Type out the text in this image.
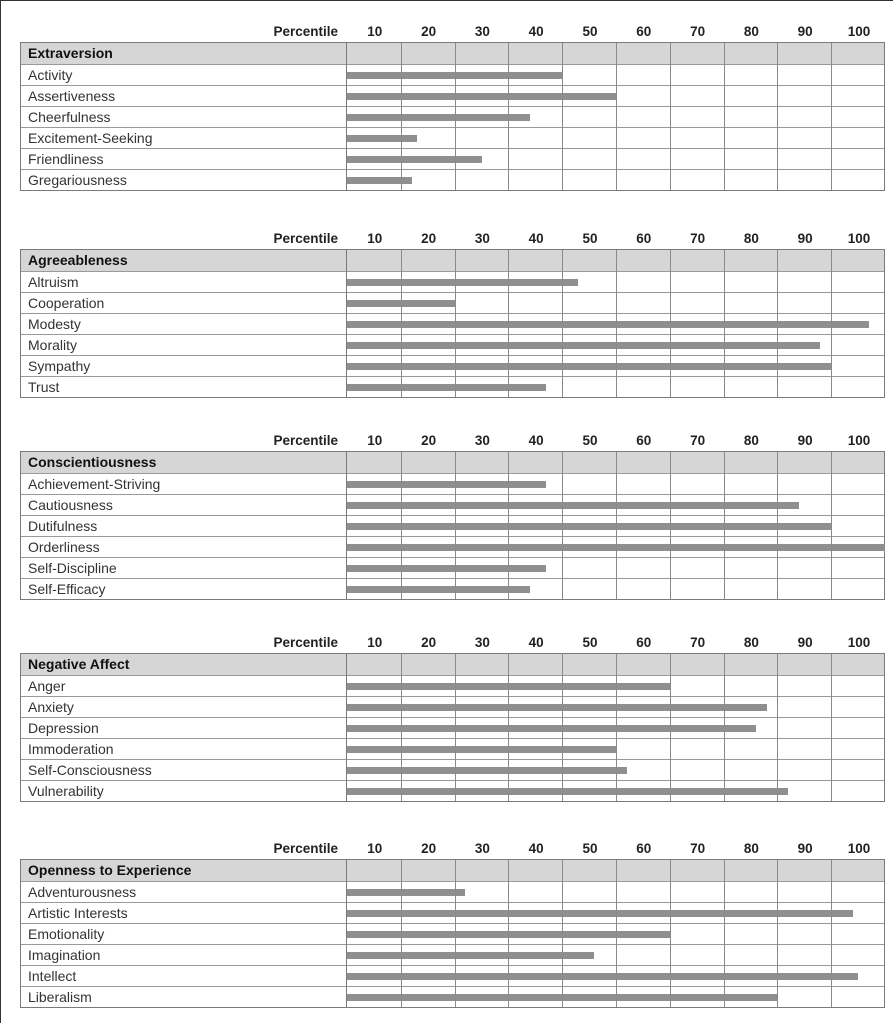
Percentile	10	20	30	40	50	60	70	80	90	100
Extraversion
Activity
Assertiveness
Cheerfulness
Excitement-Seeking
Friendliness
Gregariousness
Percentile	10	20	30	40	50	60	70	80	90	100
Agreeableness
Altruism
Cooperation
Modesty
Morality
Sympathy
Trust
Percentile	10	20	30	40	50	60	70	80	90	100
Conscientiousness
Achievement-Striving
Cautiousness
Dutifulness
Orderliness
Self-Discipline
Self-Efficacy
Percentile	10	20	30	40	50	60	70	80	90	100
Negative Affect
Anger
Anxiety
Depression
Immoderation
Self-Consciousness
Vulnerability
Percentile	10	20	30	40	50	60	70	80	90	100
Openness to Experience
Adventurousness
Artistic Interests
Emotionality
Imagination
Intellect
Liberalism
